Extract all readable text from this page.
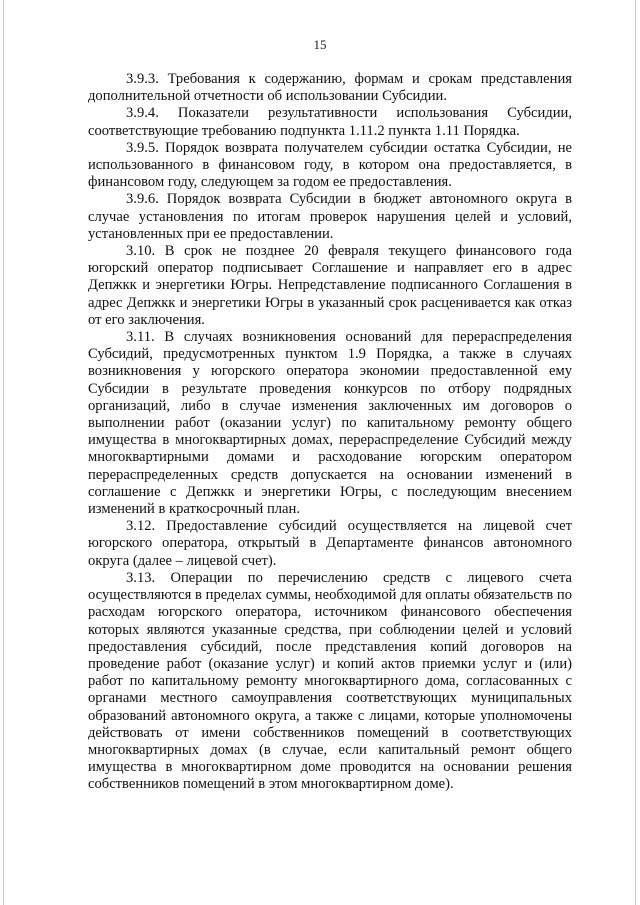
15

3.9.3. Требования к содержанию, формам и срокам представления дополнительной отчетности об использовании Субсидии.

3.9.4. Показатели результативности использования Субсидии, соответствующие требованию подпункта 1.11.2 пункта 1.11 Порядка.

3.9.5. Порядок возврата получателем субсидии остатка Субсидии, не использованного в финансовом году, в котором она предоставляется, в финансовом году, следующем за годом ее предоставления.

3.9.6. Порядок возврата Субсидии в бюджет автономного округа в случае установления по итогам проверок нарушения целей и условий, установленных при ее предоставлении.

3.10. В срок не позднее 20 февраля текущего финансового года югорский оператор подписывает Соглашение и направляет его в адрес Депжкк и энергетики Югры. Непредставление подписанного Соглашения в адрес Депжкк и энергетики Югры в указанный срок расценивается как отказ от его заключения.

3.11. В случаях возникновения оснований для перераспределения Субсидий, предусмотренных пунктом 1.9 Порядка, а также в случаях возникновения у югорского оператора экономии предоставленной ему Субсидии в результате проведения конкурсов по отбору подрядных организаций, либо в случае изменения заключенных им договоров о выполнении работ (оказании услуг) по капитальному ремонту общего имущества в многоквартирных домах, перераспределение Субсидий между многоквартирными домами и расходование югорским оператором перераспределенных средств допускается на основании изменений в соглашение с Депжкк и энергетики Югры, с последующим внесением изменений в краткосрочный план.

3.12. Предоставление субсидий осуществляется на лицевой счет югорского оператора, открытый в Департаменте финансов автономного округа (далее – лицевой счет).

3.13. Операции по перечислению средств с лицевого счета осуществляются в пределах суммы, необходимой для оплаты обязательств по расходам югорского оператора, источником финансового обеспечения которых являются указанные средства, при соблюдении целей и условий предоставления субсидий, после представления копий договоров на проведение работ (оказание услуг) и копий актов приемки услуг и (или) работ по капитальному ремонту многоквартирного дома, согласованных с органами местного самоуправления соответствующих муниципальных образований автономного округа, а также с лицами, которые уполномочены действовать от имени собственников помещений в соответствующих многоквартирных домах (в случае, если капитальный ремонт общего имущества в многоквартирном доме проводится на основании решения собственников помещений в этом многоквартирном доме).
